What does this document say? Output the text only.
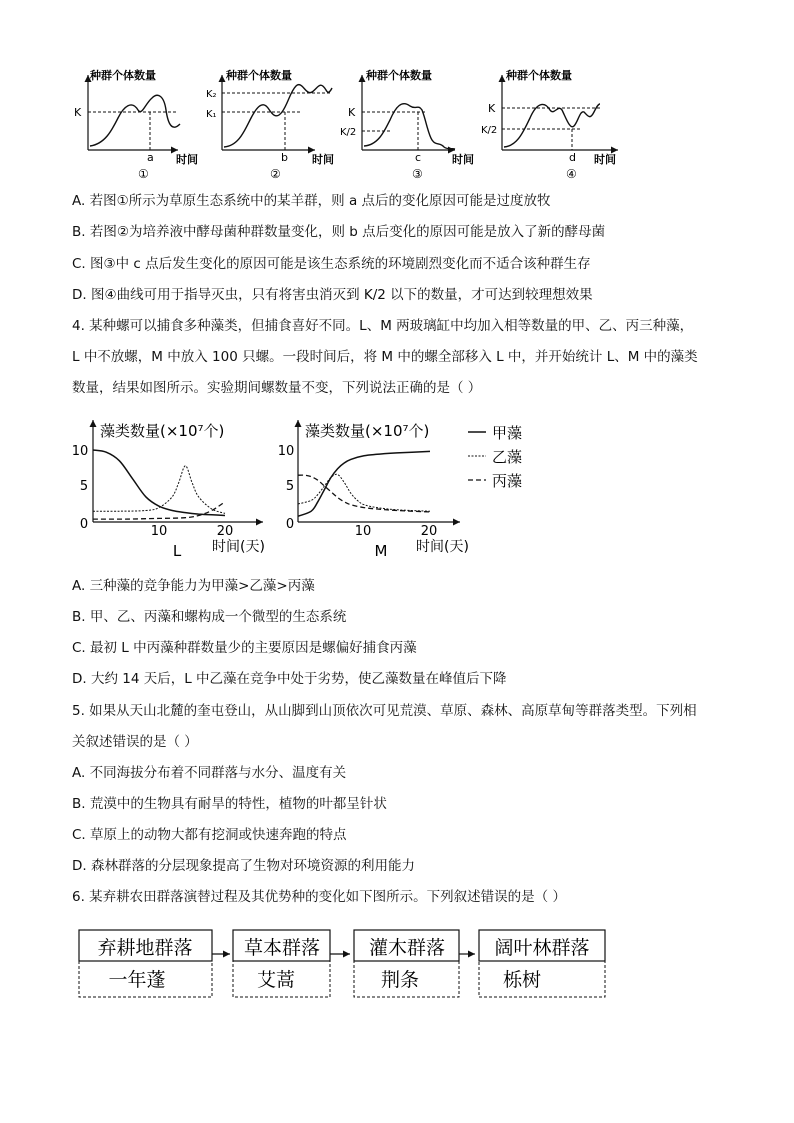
种群个体数量
时间
K
a
①
种群个体数量
时间
K₂
K₁
b
②
种群个体数量
时间
K
K/2
c
③
种群个体数量
时间
K
K/2
d
④
A. 若图①所示为草原生态系统中的某羊群，则 a 点后的变化原因可能是过度放牧
B. 若图②为培养液中酵母菌种群数量变化，则 b 点后变化的原因可能是放入了新的酵母菌
C. 图③中 c 点后发生变化的原因可能是该生态系统的环境剧烈变化而不适合该种群生存
D. 图④曲线可用于指导灭虫，只有将害虫消灭到 K/2 以下的数量，才可达到较理想效果
4. 某种螺可以捕食多种藻类，但捕食喜好不同。L、M 两玻璃缸中均加入相等数量的甲、乙、丙三种藻，
L 中不放螺，M 中放入 100 只螺。一段时间后，将 M 中的螺全部移入 L 中，并开始统计 L、M 中的藻类
数量，结果如图所示。实验期间螺数量不变，下列说法正确的是（ ）
藻类数量(×10⁷个)
0
5
10
10	20
时间(天)
L
藻类数量(×10⁷个)
0
5
10
10	20
时间(天)
M
甲藻
乙藻
丙藻
A. 三种藻的竞争能力为甲藻>乙藻>丙藻
B. 甲、乙、丙藻和螺构成一个微型的生态系统
C. 最初 L 中丙藻种群数量少的主要原因是螺偏好捕食丙藻
D. 大约 14 天后，L 中乙藻在竞争中处于劣势，使乙藻数量在峰值后下降
5. 如果从天山北麓的奎屯登山，从山脚到山顶依次可见荒漠、草原、森林、高原草甸等群落类型。下列相
关叙述错误的是（ ）
A. 不同海拔分布着不同群落与水分、温度有关
B. 荒漠中的生物具有耐旱的特性，植物的叶都呈针状
C. 草原上的动物大都有挖洞或快速奔跑的特点
D. 森林群落的分层现象提高了生物对环境资源的利用能力
6. 某弃耕农田群落演替过程及其优势种的变化如下图所示。下列叙述错误的是（ ）
弃耕地群落
一年蓬
草本群落
艾蒿
灌木群落
荆条
阔叶林群落
栎树
